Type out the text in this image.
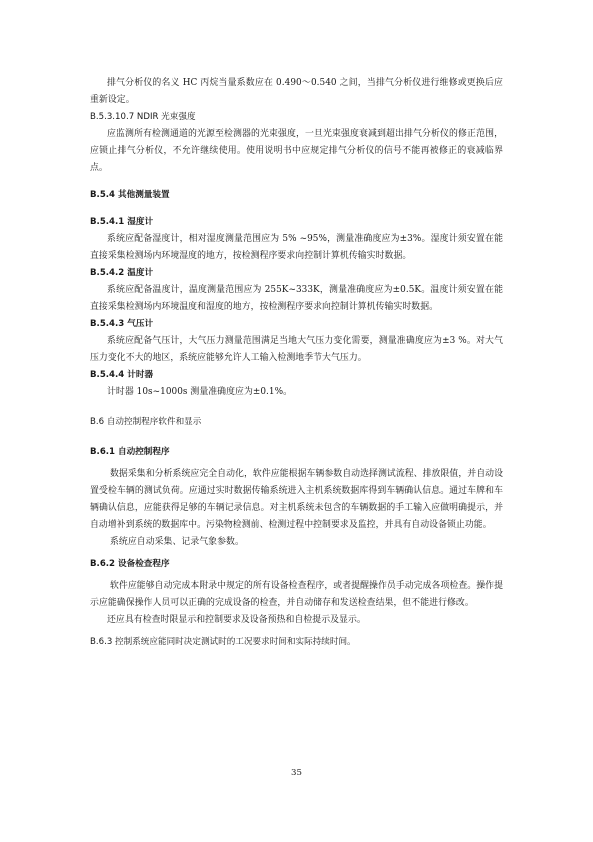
排气分析仪的名义 HC 丙烷当量系数应在 0.490～0.540 之间，当排气分析仪进行维修或更换后应重新设定。

B.5.3.10.7 NDIR 光束强度

应监测所有检测通道的光源至检测器的光束强度，一旦光束强度衰减到超出排气分析仪的修正范围，应锁止排气分析仪，不允许继续使用。使用说明书中应规定排气分析仪的信号不能再被修正的衰减临界点。

B.5.4 其他测量装置

B.5.4.1 湿度计

系统应配备湿度计，相对湿度测量范围应为 5% ~95%，测量准确度应为±3%。湿度计须安置在能直接采集检测场内环境湿度的地方，按检测程序要求向控制计算机传输实时数据。

B.5.4.2 温度计

系统应配备温度计，温度测量范围应为 255K~333K，测量准确度应为±0.5K。温度计须安置在能直接采集检测场内环境温度和湿度的地方，按检测程序要求向控制计算机传输实时数据。

B.5.4.3 气压计

系统应配备气压计，大气压力测量范围满足当地大气压力变化需要，测量准确度应为±3 %。对大气压力变化不大的地区，系统应能够允许人工输入检测地季节大气压力。

B.5.4.4 计时器

计时器 10s~1000s 测量准确度应为±0.1%。

B.6 自动控制程序软件和显示

B.6.1 自动控制程序

数据采集和分析系统应完全自动化，软件应能根据车辆参数自动选择测试流程、排放限值，并自动设置受检车辆的测试负荷。应通过实时数据传输系统进入主机系统数据库得到车辆确认信息。通过车牌和车辆确认信息，应能获得足够的车辆记录信息。对主机系统未包含的车辆数据的手工输入应做明确提示，并自动增补到系统的数据库中。污染物检测前、检测过程中控制要求及监控，并具有自动设备锁止功能。

系统应自动采集、记录气象参数。

B.6.2 设备检查程序

软件应能够自动完成本附录中规定的所有设备检查程序，或者提醒操作员手动完成各项检查。操作提示应能确保操作人员可以正确的完成设备的检查，并自动储存和发送检查结果，但不能进行修改。

还应具有检查时限显示和控制要求及设备预热和自检提示及显示。

B.6.3 控制系统应能同时决定测试时的工况要求时间和实际持续时间。

35
